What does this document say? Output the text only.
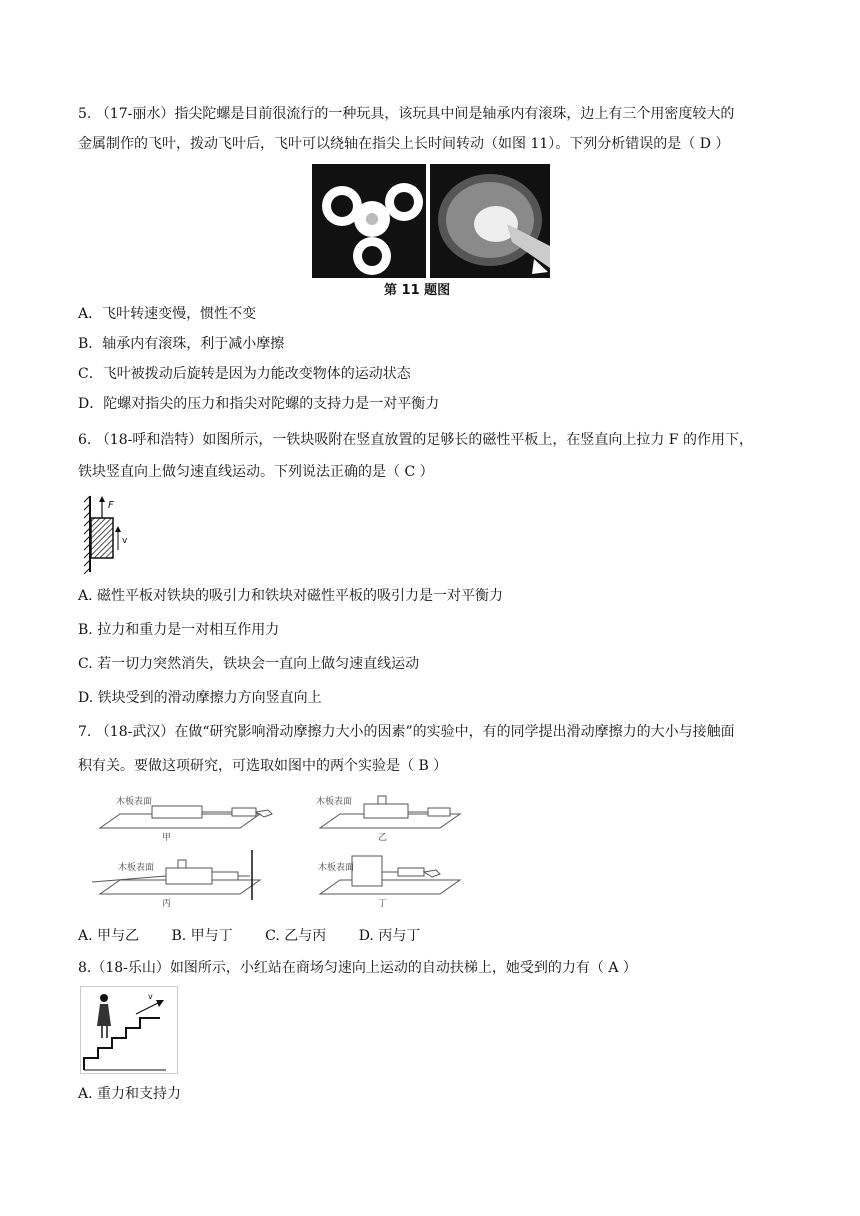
5. （17-丽水）指尖陀螺是目前很流行的一种玩具，该玩具中间是轴承内有滚珠，边上有三个用密度较大的
金属制作的飞叶，拨动飞叶后，飞叶可以绕轴在指尖上长时间转动（如图 11）。下列分析错误的是（ D ）
第 11 题图
A．飞叶转速变慢，惯性不变
B．轴承内有滚珠，利于减小摩擦
C．飞叶被拨动后旋转是因为力能改变物体的运动状态
D．陀螺对指尖的压力和指尖对陀螺的支持力是一对平衡力
6. （18-呼和浩特）如图所示，一铁块吸附在竖直放置的足够长的磁性平板上，在竖直向上拉力 F 的作用下，
铁块竖直向上做匀速直线运动。下列说法正确的是（ C ）
F
v
A. 磁性平板对铁块的吸引力和铁块对磁性平板的吸引力是一对平衡力
B. 拉力和重力是一对相互作用力
C. 若一切力突然消失，铁块会一直向上做匀速直线运动
D. 铁块受到的滑动摩擦力方向竖直向上
7. （18-武汉）在做“研究影响滑动摩擦力大小的因素”的实验中，有的同学提出滑动摩擦力的大小与接触面
积有关。要做这项研究，可选取如图中的两个实验是（ B ）
木板表面	木板表面
木板表面	木板表面
甲	乙
丙	丁
A. 甲与乙 B. 甲与丁 C. 乙与丙 D. 丙与丁
8.（18-乐山）如图所示，小红站在商场匀速向上运动的自动扶梯上，她受到的力有（ A ）
v
A. 重力和支持力
